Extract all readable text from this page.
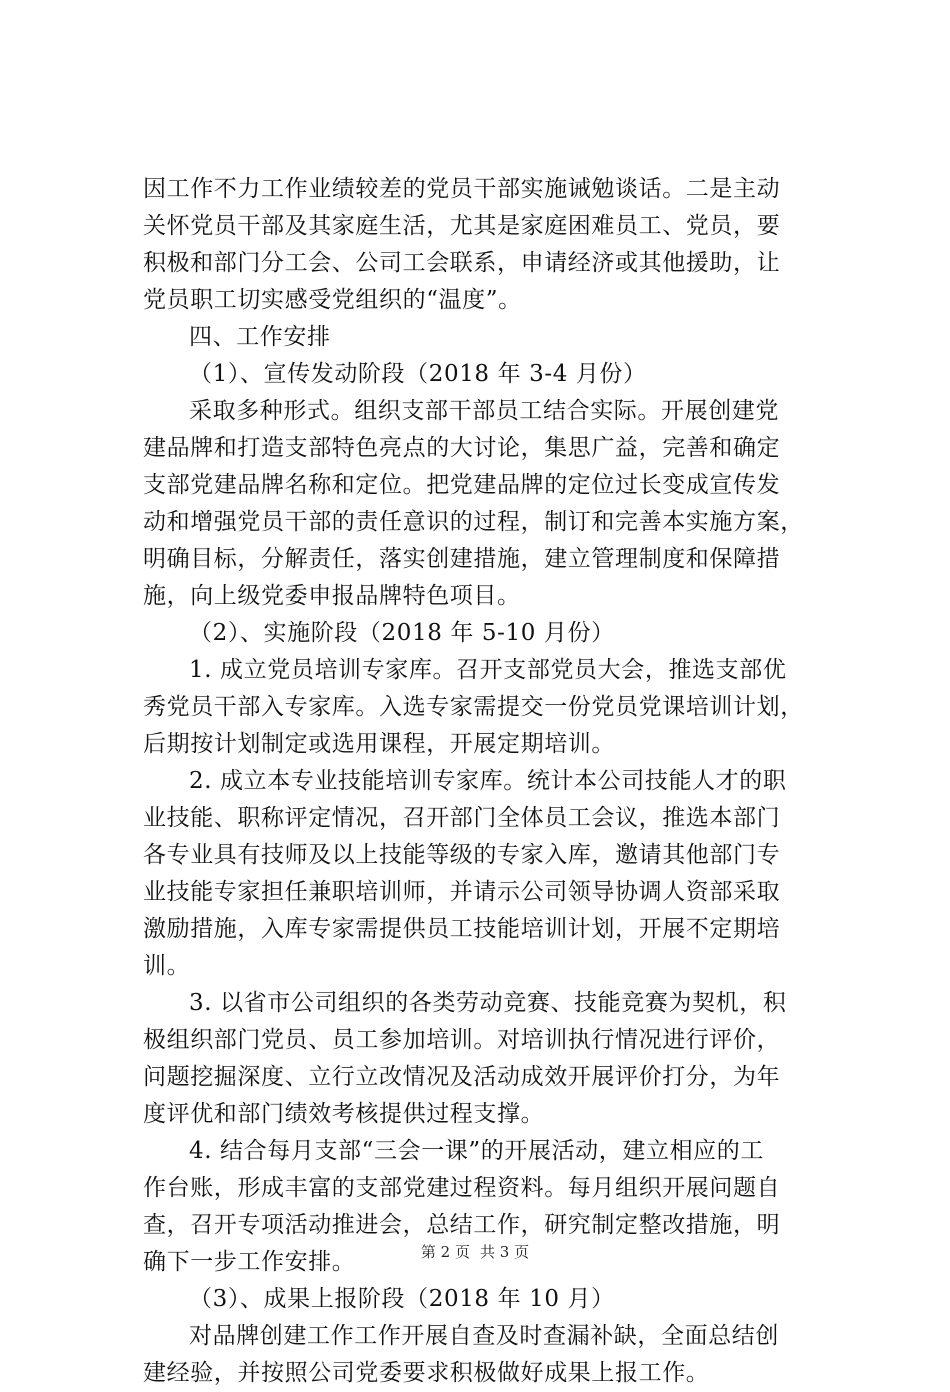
因工作不力工作业绩较差的党员干部实施诫勉谈话。二是主动
关怀党员干部及其家庭生活，尤其是家庭困难员工、党员，要
积极和部门分工会、公司工会联系，申请经济或其他援助，让
党员职工切实感受党组织的“温度”。
四、工作安排
（1）、宣传发动阶段（2018 年 3-4 月份）
采取多种形式。组织支部干部员工结合实际。开展创建党
建品牌和打造支部特色亮点的大讨论，集思广益，完善和确定
支部党建品牌名称和定位。把党建品牌的定位过长变成宣传发
动和增强党员干部的责任意识的过程，制订和完善本实施方案，
明确目标，分解责任，落实创建措施，建立管理制度和保障措
施，向上级党委申报品牌特色项目。
（2）、实施阶段（2018 年 5-10 月份）
1. 成立党员培训专家库。召开支部党员大会，推选支部优
秀党员干部入专家库。入选专家需提交一份党员党课培训计划，
后期按计划制定或选用课程，开展定期培训。
2. 成立本专业技能培训专家库。统计本公司技能人才的职
业技能、职称评定情况，召开部门全体员工会议，推选本部门
各专业具有技师及以上技能等级的专家入库，邀请其他部门专
业技能专家担任兼职培训师，并请示公司领导协调人资部采取
激励措施，入库专家需提供员工技能培训计划，开展不定期培
训。
3. 以省市公司组织的各类劳动竞赛、技能竞赛为契机，积
极组织部门党员、员工参加培训。对培训执行情况进行评价，
问题挖掘深度、立行立改情况及活动成效开展评价打分，为年
度评优和部门绩效考核提供过程支撑。
4. 结合每月支部“三会一课”的开展活动，建立相应的工
作台账，形成丰富的支部党建过程资料。每月组织开展问题自
查，召开专项活动推进会，总结工作，研究制定整改措施，明
确下一步工作安排。
（3）、成果上报阶段（2018 年 10 月）
对品牌创建工作工作开展自查及时查漏补缺，全面总结创
建经验，并按照公司党委要求积极做好成果上报工作。
第 2 页 共 3 页
